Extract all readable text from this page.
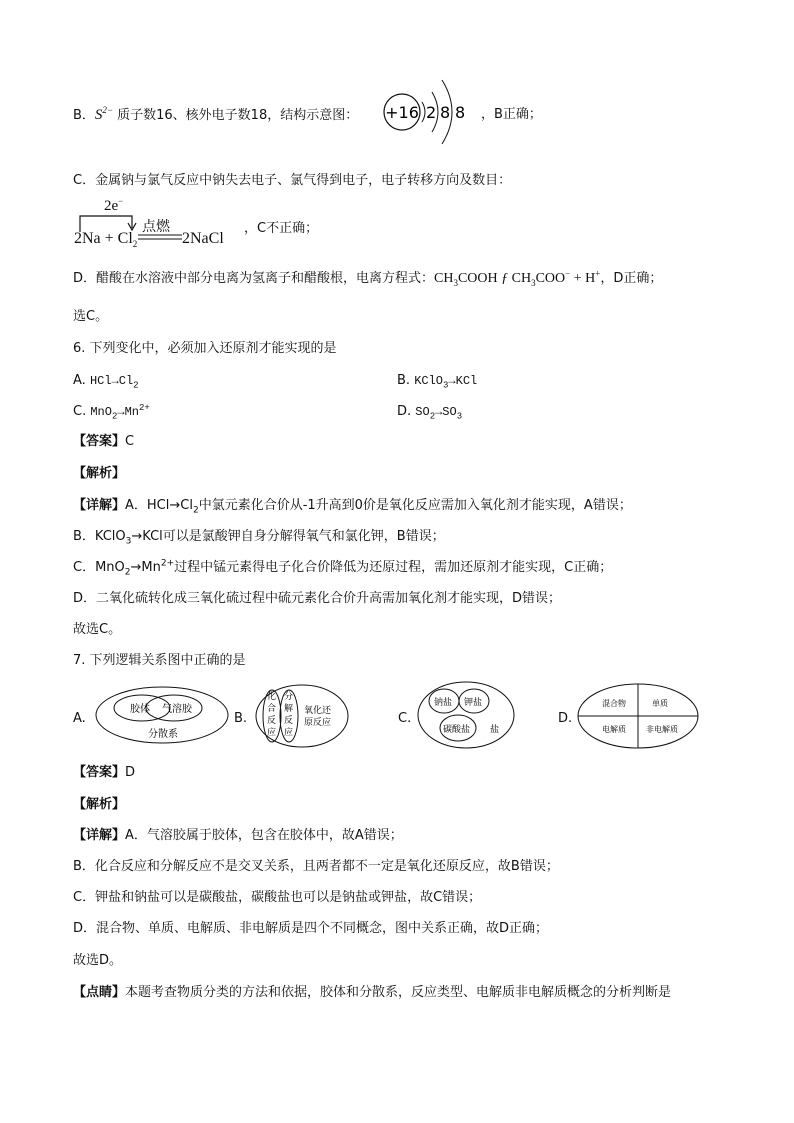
B．$S^{2-}$ 质子数16、核外电子数18，结构示意图： +16 2 8 8 ，B正确；
C．金属钠与氯气反应中钠失去电子、氯气得到电子，电子转移方向及数目：
2e−
点燃
$2Na + Cl_2$	2NaCl
，C不正确；
D．醋酸在水溶液中部分电离为氢离子和醋酸根，电离方程式：$CH_3COOH$ ƒ $CH_3COO^- + H^+$，D正确；
选C。
6. 下列变化中，必须加入还原剂才能实现的是
A. $HCl\to Cl_2$	B. KClO$_3$→KCl
C. $MnO_2\to Mn^{2+}$	D. $SO_2\to SO_3$
【答案】C
【解析】
【详解】A．$HCl\to Cl_2$中氯元素化合价从-1升高到0价是氧化反应需加入氧化剂才能实现，A错误；
B．KClO$_3$→KCl可以是氯酸钾自身分解得氧气和氯化钾，B错误；
C．$MnO_2\to Mn^{2+}$过程中锰元素得电子化合价降低为还原过程，需加还原剂才能实现，C正确；
D．二氧化硫转化成三氧化硫过程中硫元素化合价升高需加氧化剂才能实现，D错误；
故选C。
7. 下列逻辑关系图中正确的是
A.
胶体 气溶胶
分散系
B.
化
合
反
应
分
解
反
应
氧化还
原反应	C.
钠盐 钾盐
碳酸盐 盐
D.
混合物	单质
电解质	非电解质
【答案】D
【解析】
【详解】A．气溶胶属于胶体，包含在胶体中，故A错误；
B．化合反应和分解反应不是交叉关系，且两者都不一定是氧化还原反应，故B错误；
C．钾盐和钠盐可以是碳酸盐，碳酸盐也可以是钠盐或钾盐，故C错误；
D．混合物、单质、电解质、非电解质是四个不同概念，图中关系正确，故D正确；
故选D。
【点睛】本题考查物质分类的方法和依据，胶体和分散系，反应类型、电解质非电解质概念的分析判断是
